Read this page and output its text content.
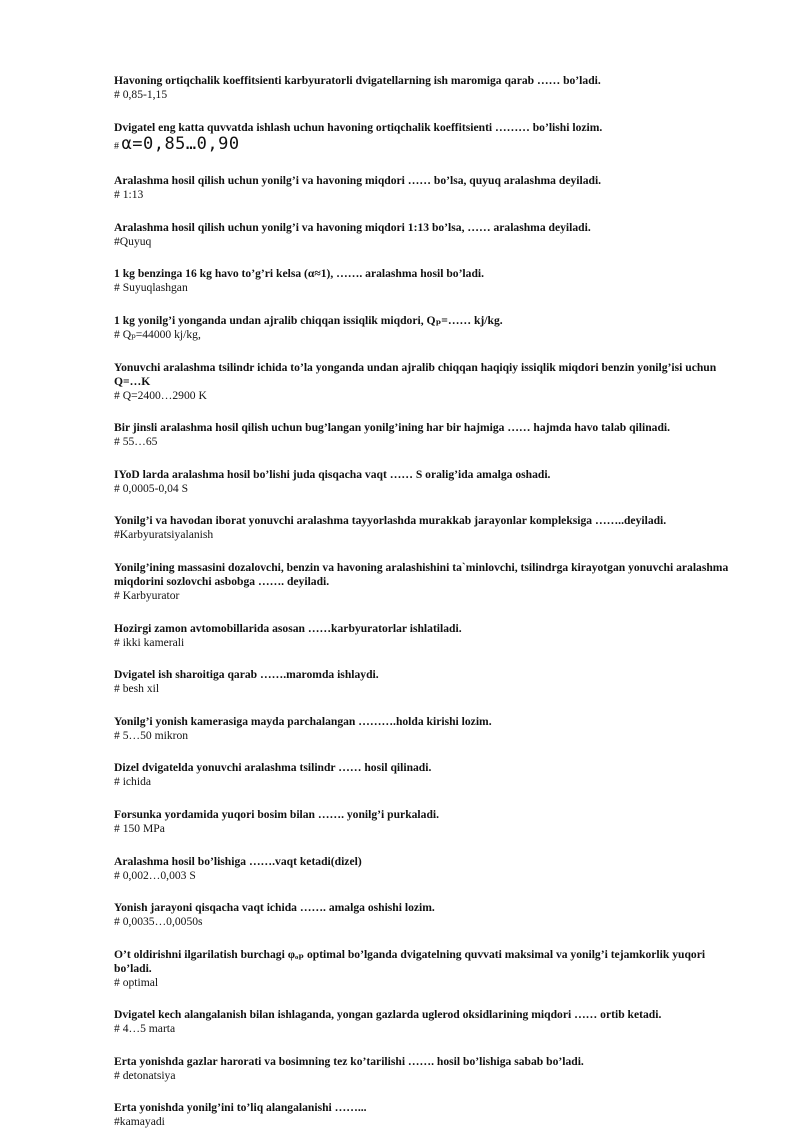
Havoning ortiqchalik koeffitsienti karbyuratorli dvigatellarning ish maromiga qarab …… bo’ladi.
# 0,85-1,15
Dvigatel eng katta quvvatda ishlash uchun havoning ortiqchalik koeffitsienti ……… bo’lishi lozim.
# α=0,85…0,90
Aralashma hosil qilish uchun yonilg’i va havoning miqdori …… bo’lsa, quyuq aralashma deyiladi.
# 1:13
Aralashma hosil qilish uchun yonilg’i va havoning miqdori 1:13 bo’lsa, …… aralashma deyiladi.
#Quyuq
1 kg benzinga 16 kg havo to’g’ri kelsa (α≈1), ……. aralashma hosil bo’ladi.
# Suyuqlashgan
1 kg yonilg’i yonganda undan ajralib chiqqan issiqlik miqdori, Qₚ=…… kj/kg.
# Qₚ=44000 kj/kg,
Yonuvchi aralashma tsilindr ichida to’la yonganda undan ajralib chiqqan haqiqiy issiqlik miqdori benzin yonilg’isi uchun Q=…K
# Q=2400…2900 K
Bir jinsli aralashma hosil qilish uchun bug’langan yonilg’ining har bir hajmiga …… hajmda havo talab qilinadi.
# 55…65
IYoD larda aralashma hosil bo’lishi juda qisqacha vaqt …… S oralig’ida amalga oshadi.
# 0,0005-0,04 S
Yonilg’i va havodan iborat yonuvchi aralashma tayyorlashda murakkab jarayonlar kompleksiga ……..deyiladi.
#Karbyuratsiyalanish
Yonilg’ining massasini dozalovchi, benzin va havoning aralashishini ta`minlovchi, tsilindrga kirayotgan yonuvchi aralashma miqdorini sozlovchi asbobga ……. deyiladi.
# Karbyurator
Hozirgi zamon avtomobillarida asosan ……karbyuratorlar ishlatiladi.
# ikki kamerali
Dvigatel ish sharoitiga qarab …….maromda ishlaydi.
# besh xil
Yonilg’i yonish kamerasiga mayda parchalangan ……….holda kirishi lozim.
# 5…50 mikron
Dizel dvigatelda yonuvchi aralashma tsilindr …… hosil qilinadi.
# ichida
Forsunka yordamida yuqori bosim bilan ……. yonilg’i purkaladi.
# 150 MPa
Aralashma hosil bo’lishiga …….vaqt ketadi(dizel)
# 0,002…0,003 S
Yonish jarayoni qisqacha vaqt ichida ……. amalga oshishi lozim.
# 0,0035…0,0050s
O’t oldirishni ilgarilatish burchagi φₒₚ optimal bo’lganda dvigatelning quvvati maksimal va yonilg’i tejamkorlik yuqori bo’ladi.
# optimal
Dvigatel kech alangalanish bilan ishlaganda, yongan gazlarda uglerod oksidlarining miqdori …… ortib ketadi.
# 4…5 marta
Erta yonishda gazlar harorati va bosimning tez ko’tarilishi ……. hosil bo’lishiga sabab bo’ladi.
# detonatsiya
Erta yonishda yonilg’ini to’liq alangalanishi ……...
#kamayadi
